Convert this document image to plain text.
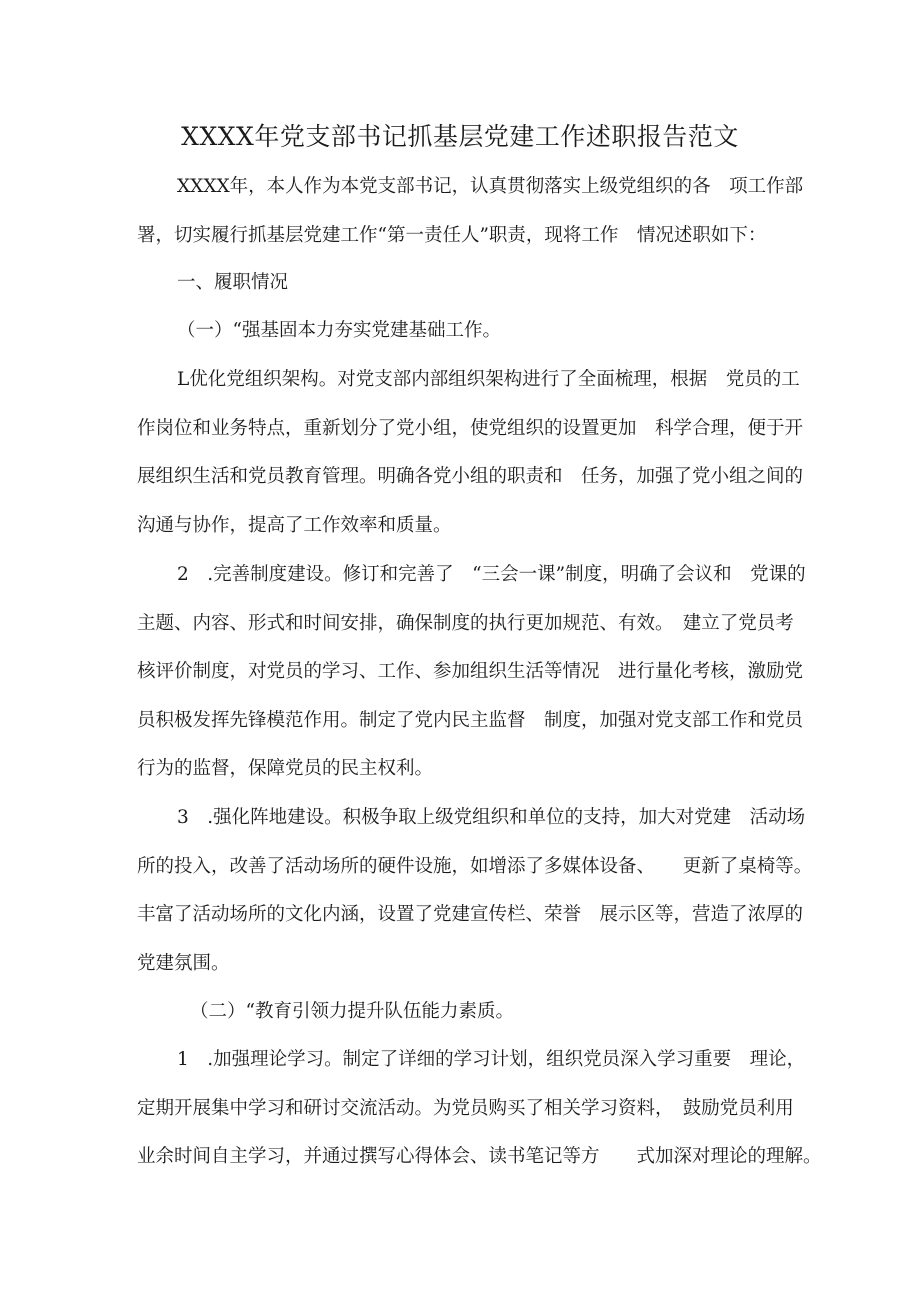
XXXX年党支部书记抓基层党建工作述职报告范文

XXXX年，本人作为本党支部书记，认真贯彻落实上级党组织的各　项工作部
署，切实履行抓基层党建工作“第一责任人”职责，现将工作　情况述职如下：

一、履职情况

（一）“强基固本力夯实党建基础工作。

L优化党组织架构。对党支部内部组织架构进行了全面梳理，根据　党员的工
作岗位和业务特点，重新划分了党小组，使党组织的设置更加　科学合理，便于开
展组织生活和党员教育管理。明确各党小组的职责和　任务，加强了党小组之间的
沟通与协作，提高了工作效率和质量。

2　.完善制度建设。修订和完善了　“三会一课”制度，明确了会议和　党课的
主题、内容、形式和时间安排，确保制度的执行更加规范、有效。　建立了党员考
核评价制度，对党员的学习、工作、参加组织生活等情况　进行量化考核，激励党
员积极发挥先锋模范作用。制定了党内民主监督　制度，加强对党支部工作和党员
行为的监督，保障党员的民主权利。

3　.强化阵地建设。积极争取上级党组织和单位的支持，加大对党建　活动场
所的投入，改善了活动场所的硬件设施，如增添了多媒体设备、　　更新了桌椅等。
丰富了活动场所的文化内涵，设置了党建宣传栏、荣誉　展示区等，营造了浓厚的
党建氛围。

（二）“教育引领力提升队伍能力素质。

1　.加强理论学习。制定了详细的学习计划，组织党员深入学习重要　理论，
定期开展集中学习和研讨交流活动。为党员购买了相关学习资料，　鼓励党员利用
业余时间自主学习，并通过撰写心得体会、读书笔记等方　　式加深对理论的理解。
